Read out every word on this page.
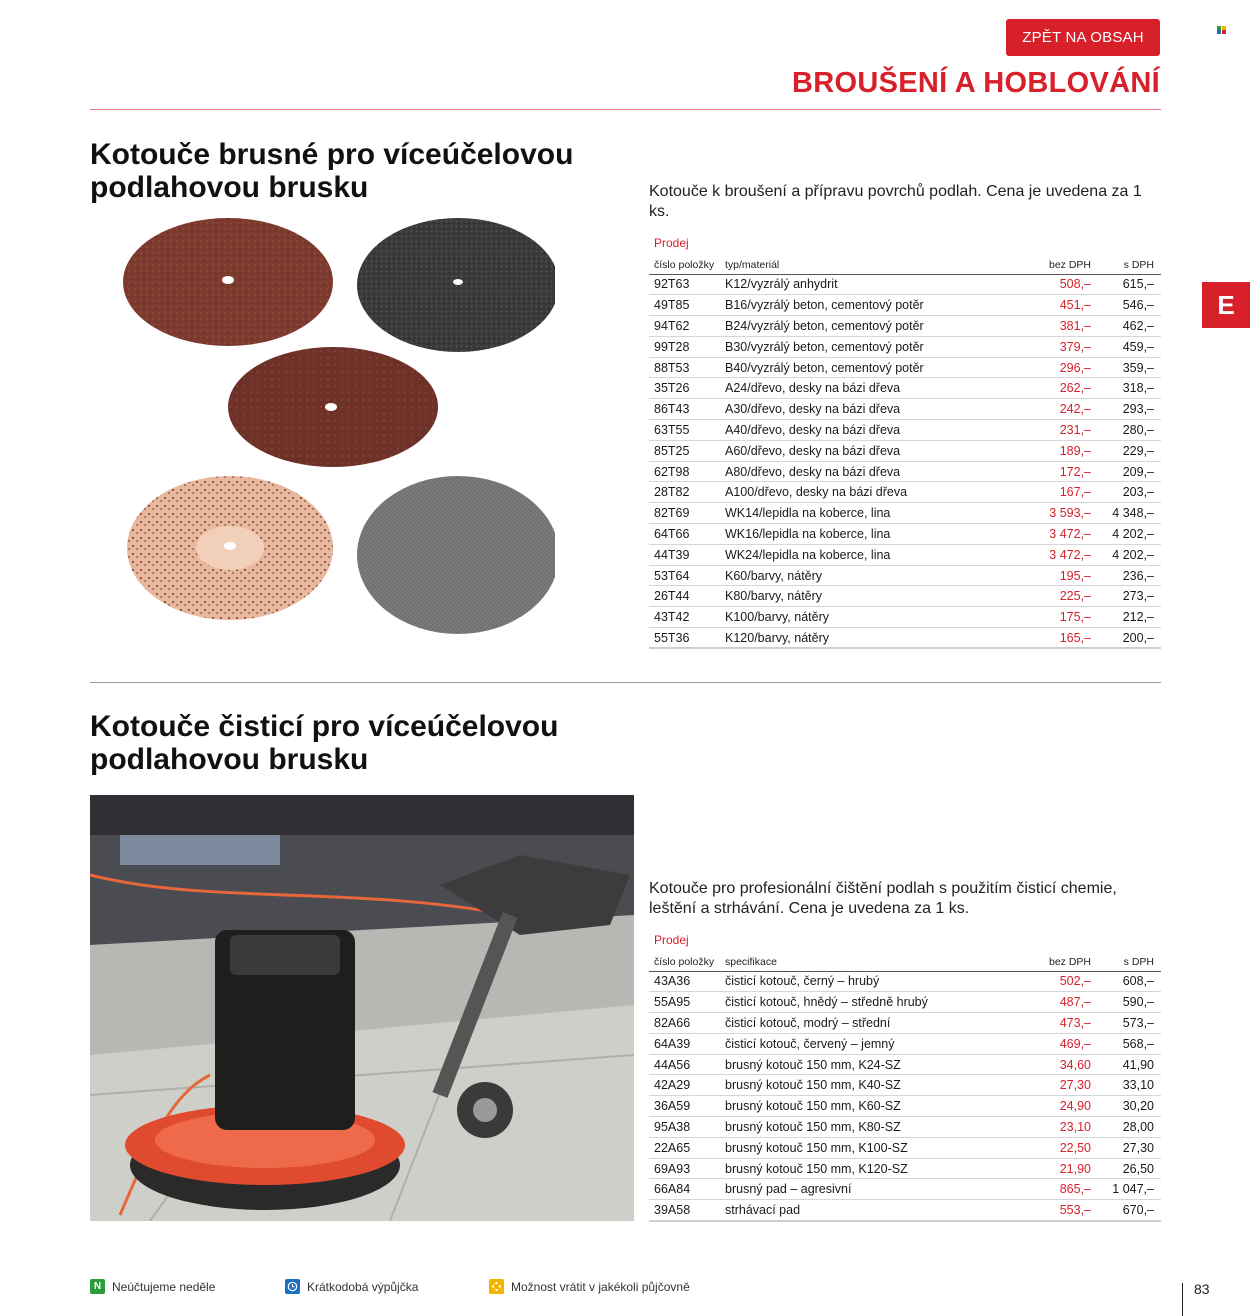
ZPĚT NA OBSAH
BROUŠENÍ A HOBLOVÁNÍ
E
Kotouče brusné pro víceúčelovou
podlahovou brusku	Kotouče k broušení a přípravu povrchů podlah. Cena je uvedena za 1 ks.
Prodej
číslo položky	typ/materiál	bez DPH	s DPH
92T63	K12/vyzrálý anhydrit	508,–	615,–
49T85	B16/vyzrálý beton, cementový potěr	451,–	546,–
94T62	B24/vyzrálý beton, cementový potěr	381,–	462,–
99T28	B30/vyzrálý beton, cementový potěr	379,–	459,–
88T53	B40/vyzrálý beton, cementový potěr	296,–	359,–
35T26	A24/dřevo, desky na bázi dřeva	262,–	318,–
86T43	A30/dřevo, desky na bázi dřeva	242,–	293,–
63T55	A40/dřevo, desky na bázi dřeva	231,–	280,–
85T25	A60/dřevo, desky na bázi dřeva	189,–	229,–
62T98	A80/dřevo, desky na bázi dřeva	172,–	209,–
28T82	A100/dřevo, desky na bázi dřeva	167,–	203,–
82T69	WK14/lepidla na koberce, lina	3 593,–	4 348,–
64T66	WK16/lepidla na koberce, lina	3 472,–	4 202,–
44T39	WK24/lepidla na koberce, lina	3 472,–	4 202,–
53T64	K60/barvy, nátěry	195,–	236,–
26T44	K80/barvy, nátěry	225,–	273,–
43T42	K100/barvy, nátěry	175,–	212,–
55T36	K120/barvy, nátěry	165,–	200,–
Kotouče čisticí pro víceúčelovou
podlahovou brusku
Kotouče pro profesionální čištění podlah s použitím čisticí chemie, leštění a strhávání. Cena je uvedena za 1 ks.
Prodej
číslo položky	specifikace	bez DPH	s DPH
43A36	čisticí kotouč, černý – hrubý	502,–	608,–
55A95	čisticí kotouč, hnědý – středně hrubý	487,–	590,–
82A66	čisticí kotouč, modrý – střední	473,–	573,–
64A39	čisticí kotouč, červený – jemný	469,–	568,–
44A56	brusný kotouč 150 mm, K24-SZ	34,60	41,90
42A29	brusný kotouč 150 mm, K40-SZ	27,30	33,10
36A59	brusný kotouč 150 mm, K60-SZ	24,90	30,20
95A38	brusný kotouč 150 mm, K80-SZ	23,10	28,00
22A65	brusný kotouč 150 mm, K100-SZ	22,50	27,30
69A93	brusný kotouč 150 mm, K120-SZ	21,90	26,50
66A84	brusný pad – agresivní	865,–	1 047,–
39A58	strhávací pad	553,–	670,–
N Neúčtujeme neděle	Krátkodobá výpůjčka	Možnost vrátit v jakékoli půjčovně	83
